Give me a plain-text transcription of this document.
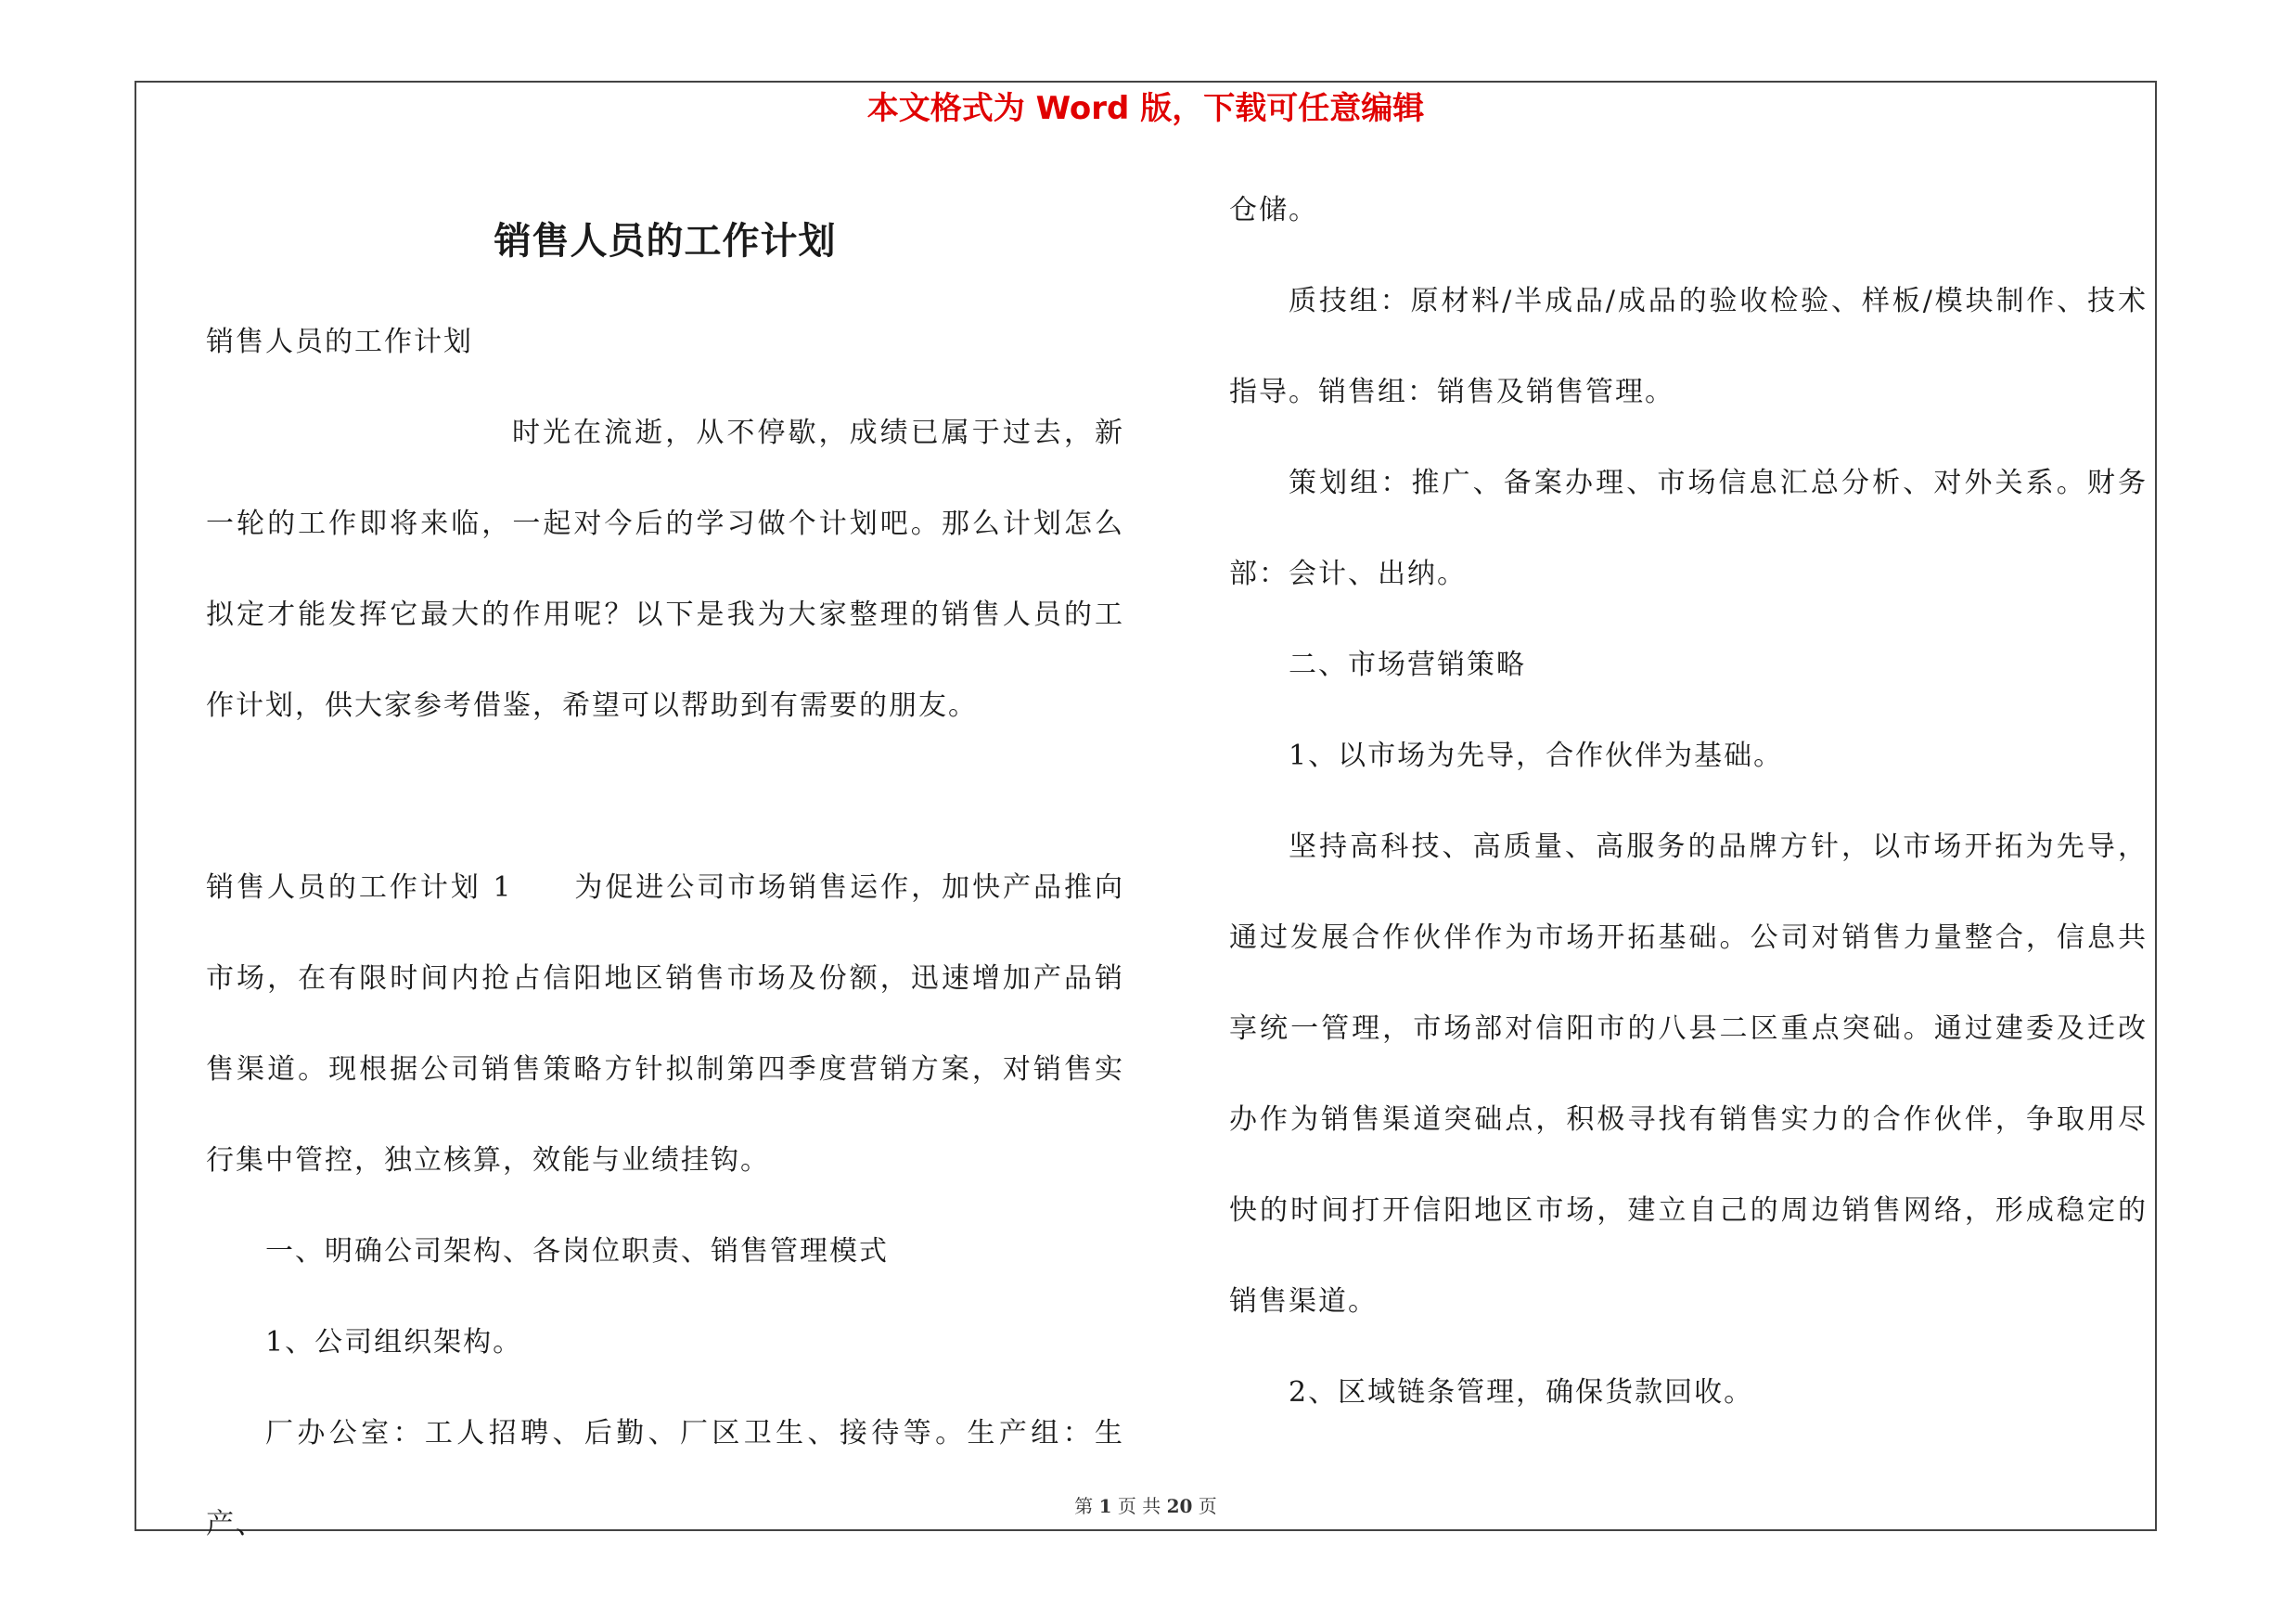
本文格式为 Word 版，下载可任意编辑
销售人员的工作计划

销售人员的工作计划

时光在流逝，从不停歇，成绩已属于过去，新一轮的工作即将来临，一起对今后的学习做个计划吧。那么计划怎么拟定才能发挥它最大的作用呢？以下是我为大家整理的销售人员的工作计划，供大家参考借鉴，希望可以帮助到有需要的朋友。

销售人员的工作计划 1　　为促进公司市场销售运作，加快产品推向市场，在有限时间内抢占信阳地区销售市场及份额，迅速增加产品销售渠道。现根据公司销售策略方针拟制第四季度营销方案，对销售实行集中管控，独立核算，效能与业绩挂钩。

一、明确公司架构、各岗位职责、销售管理模式

1、公司组织架构。

厂办公室：工人招聘、后勤、厂区卫生、接待等。生产组：生产、

仓储。

质技组：原材料/半成品/成品的验收检验、样板/模块制作、技术指导。销售组：销售及销售管理。

策划组：推广、备案办理、市场信息汇总分析、对外关系。财务部：会计、出纳。

二、市场营销策略

1、以市场为先导，合作伙伴为基础。

坚持高科技、高质量、高服务的品牌方针，以市场开拓为先导，通过发展合作伙伴作为市场开拓基础。公司对销售力量整合，信息共享统一管理，市场部对信阳市的八县二区重点突础。通过建委及迁改办作为销售渠道突础点，积极寻找有销售实力的合作伙伴，争取用尽快的时间打开信阳地区市场，建立自己的周边销售网络，形成稳定的销售渠道。

2、区域链条管理，确保货款回收。

第 1 页 共 20 页
